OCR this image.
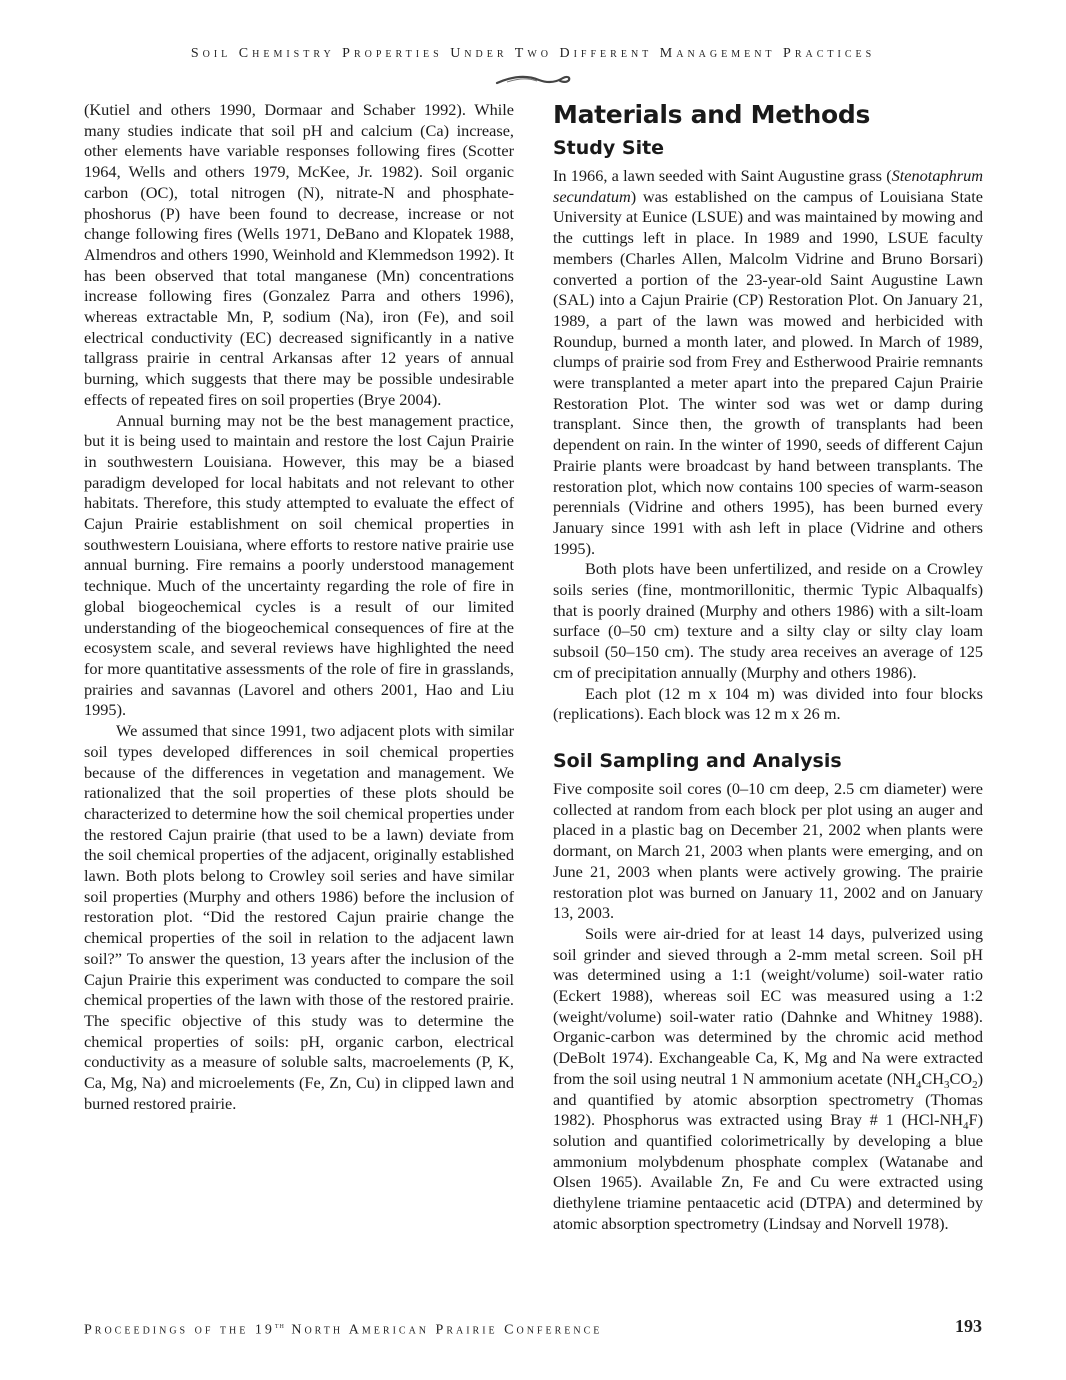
Soil Chemistry Properties Under Two Different Management Practices

(Kutiel and others 1990, Dormaar and Schaber 1992). While many studies indicate that soil pH and calcium (Ca) increase, other elements have variable responses following fires (Scotter 1964, Wells and others 1979, McKee, Jr. 1982). Soil organic carbon (OC), total nitrogen (N), nitrate-N and phosphate-phoshorus (P) have been found to decrease, increase or not change following fires (Wells 1971, DeBano and Klopatek 1988, Almendros and others 1990, Weinhold and Klemmedson 1992). It has been observed that total manganese (Mn) concentrations increase following fires (Gonzalez Parra and others 1996), whereas extractable Mn, P, sodium (Na), iron (Fe), and soil electrical conductivity (EC) decreased significantly in a native tallgrass prairie in central Arkansas after 12 years of annual burning, which suggests that there may be possible undesirable effects of repeated fires on soil properties (Brye 2004).

Annual burning may not be the best management practice, but it is being used to maintain and restore the lost Cajun Prairie in southwestern Louisiana. However, this may be a biased paradigm developed for local habitats and not relevant to other habitats. Therefore, this study attempted to evaluate the effect of Cajun Prairie establishment on soil chemical properties in southwestern Louisiana, where efforts to restore native prairie use annual burning. Fire remains a poorly understood management technique. Much of the uncertainty regarding the role of fire in global biogeochemical cycles is a result of our limited understanding of the biogeochemical consequences of fire at the ecosystem scale, and several reviews have highlighted the need for more quantitative assessments of the role of fire in grasslands, prairies and savannas (Lavorel and others 2001, Hao and Liu 1995).

We assumed that since 1991, two adjacent plots with similar soil types developed differences in soil chemical properties because of the differences in vegetation and management. We rationalized that the soil properties of these plots should be characterized to determine how the soil chemical properties under the restored Cajun prairie (that used to be a lawn) deviate from the soil chemical properties of the adjacent, originally established lawn. Both plots belong to Crowley soil series and have similar soil properties (Murphy and others 1986) before the inclusion of restoration plot. “Did the restored Cajun prairie change the chemical properties of the soil in relation to the adjacent lawn soil?” To answer the question, 13 years after the inclusion of the Cajun Prairie this experiment was conducted to compare the soil chemical properties of the lawn with those of the restored prairie. The specific objective of this study was to determine the chemical properties of soils: pH, organic carbon, electrical conductivity as a measure of soluble salts, macroelements (P, K, Ca, Mg, Na) and microelements (Fe, Zn, Cu) in clipped lawn and burned restored prairie.

Materials and Methods
Study Site

In 1966, a lawn seeded with Saint Augustine grass (Stenotaphrum secundatum) was established on the campus of Louisiana State University at Eunice (LSUE) and was maintained by mowing and the cuttings left in place. In 1989 and 1990, LSUE faculty members (Charles Allen, Malcolm Vidrine and Bruno Borsari) converted a portion of the 23-year-old Saint Augustine Lawn (SAL) into a Cajun Prairie (CP) Restoration Plot. On January 21, 1989, a part of the lawn was mowed and herbicided with Roundup, burned a month later, and plowed. In March of 1989, clumps of prairie sod from Frey and Estherwood Prairie remnants were transplanted a meter apart into the prepared Cajun Prairie Restoration Plot. The winter sod was wet or damp during transplant. Since then, the growth of transplants had been dependent on rain. In the winter of 1990, seeds of different Cajun Prairie plants were broadcast by hand between transplants. The restoration plot, which now contains 100 species of warm-season perennials (Vidrine and others 1995), has been burned every January since 1991 with ash left in place (Vidrine and others 1995).

Both plots have been unfertilized, and reside on a Crowley soils series (fine, montmorillonitic, thermic Typic Albaqualfs) that is poorly drained (Murphy and others 1986) with a silt-loam surface (0–50 cm) texture and a silty clay or silty clay loam subsoil (50–150 cm). The study area receives an average of 125 cm of precipitation annually (Murphy and others 1986).

Each plot (12 m x 104 m) was divided into four blocks (replications). Each block was 12 m x 26 m.

Soil Sampling and Analysis

Five composite soil cores (0–10 cm deep, 2.5 cm diameter) were collected at random from each block per plot using an auger and placed in a plastic bag on December 21, 2002 when plants were dormant, on March 21, 2003 when plants were emerging, and on June 21, 2003 when plants were actively growing. The prairie restoration plot was burned on January 11, 2002 and on January 13, 2003.

Soils were air-dried for at least 14 days, pulverized using soil grinder and sieved through a 2-mm metal screen. Soil pH was determined using a 1:1 (weight/volume) soil-water ratio (Eckert 1988), whereas soil EC was measured using a 1:2 (weight/volume) soil-water ratio (Dahnke and Whitney 1988). Organic-carbon was determined by the chromic acid method (DeBolt 1974). Exchangeable Ca, K, Mg and Na were extracted from the soil using neutral 1 N ammonium acetate $(NH_4CH_3CO_2)$ and quantified by atomic absorption spectrometry (Thomas 1982). Phosphorus was extracted using Bray # 1 $(HCl-NH_4F)$ solution and quantified colorimetrically by developing a blue ammonium molybdenum phosphate complex (Watanabe and Olsen 1965). Available Zn, Fe and Cu were extracted using diethylene triamine pentaacetic acid (DTPA) and determined by atomic absorption spectrometry (Lindsay and Norvell 1978).

Proceedings of the 19th North American Prairie Conference	193
